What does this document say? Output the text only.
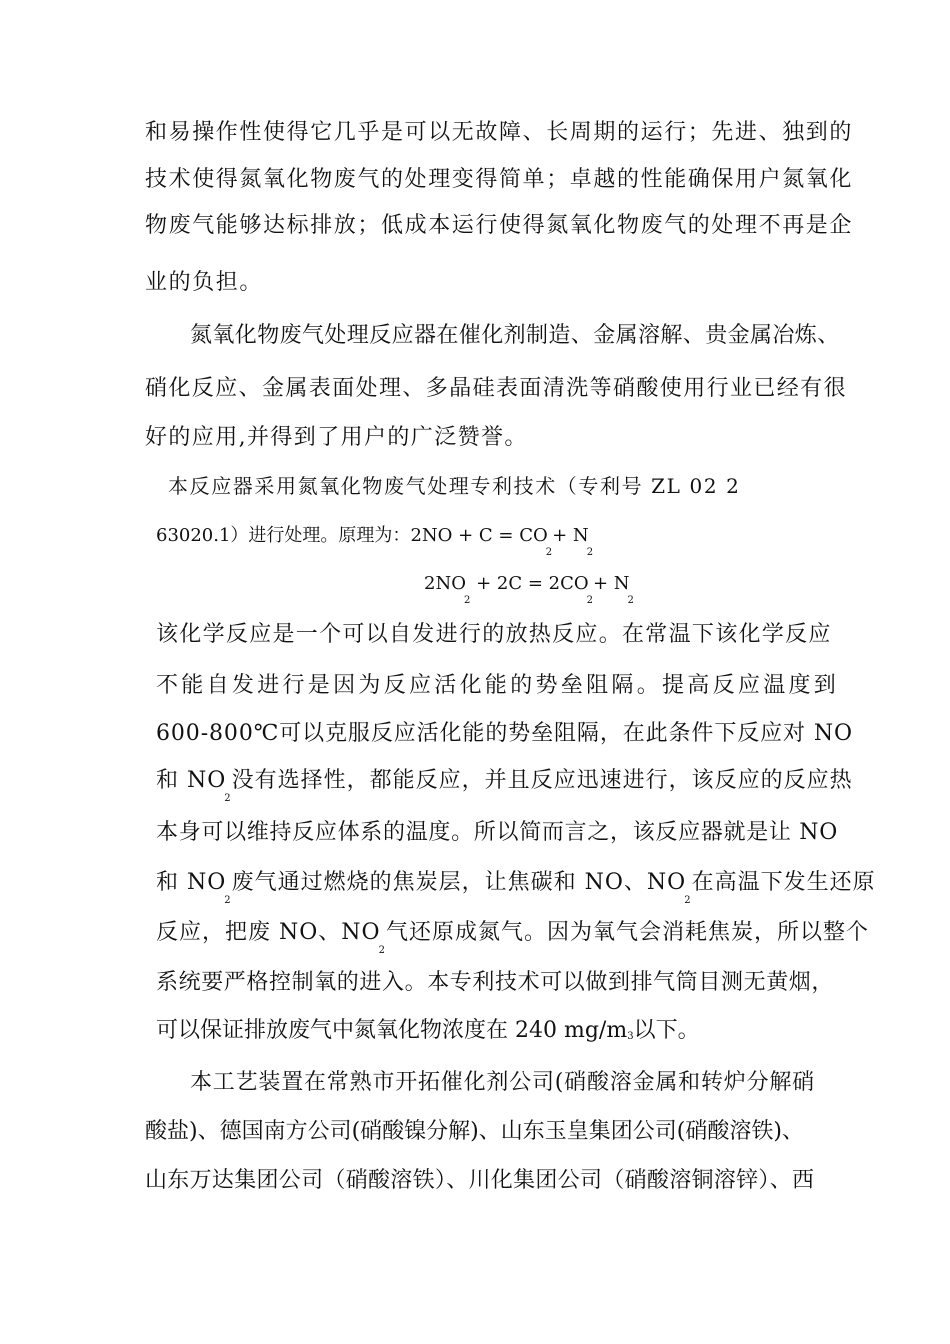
和易操作性使得它几乎是可以无故障、长周期的运行；先进、独到的
技术使得氮氧化物废气的处理变得简单；卓越的性能确保用户氮氧化
物废气能够达标排放；低成本运行使得氮氧化物废气的处理不再是企
业的负担。
氮氧化物废气处理反应器在催化剂制造、金属溶解、贵金属冶炼、
硝化反应、金属表面处理、多晶硅表面清洗等硝酸使用行业已经有很
好的应用,并得到了用户的广泛赞誉。
本反应器采用氮氧化物废气处理专利技术（专利号 ZL 02 2
63020.1）进行处理。原理为：$2NO + C = CO_2+ N_2$
$2NO_2 + 2C = 2CO_2+ N_2$
该化学反应是一个可以自发进行的放热反应。在常温下该化学反应
不能自发进行是因为反应活化能的势垒阻隔。提高反应温度到
600-800℃可以克服反应活化能的势垒阻隔，在此条件下反应对 NO
和 $NO_2$没有选择性，都能反应，并且反应迅速进行，该反应的反应热
本身可以维持反应体系的温度。所以简而言之，该反应器就是让 NO
和 $NO_2$废气通过燃烧的焦炭层，让焦碳和 NO、$NO_2$在高温下发生还原
反应，把废 NO、$NO_2$气还原成氮气。因为氧气会消耗焦炭，所以整个
系统要严格控制氧的进入。本专利技术可以做到排气筒目测无黄烟，
可以保证排放废气中氮氧化物浓度在 240 mg/m3以下。
本工艺装置在常熟市开拓催化剂公司(硝酸溶金属和转炉分解硝
酸盐)、德国南方公司(硝酸镍分解)、山东玉皇集团公司(硝酸溶铁)、
山东万达集团公司（硝酸溶铁）、川化集团公司（硝酸溶铜溶锌）、西
